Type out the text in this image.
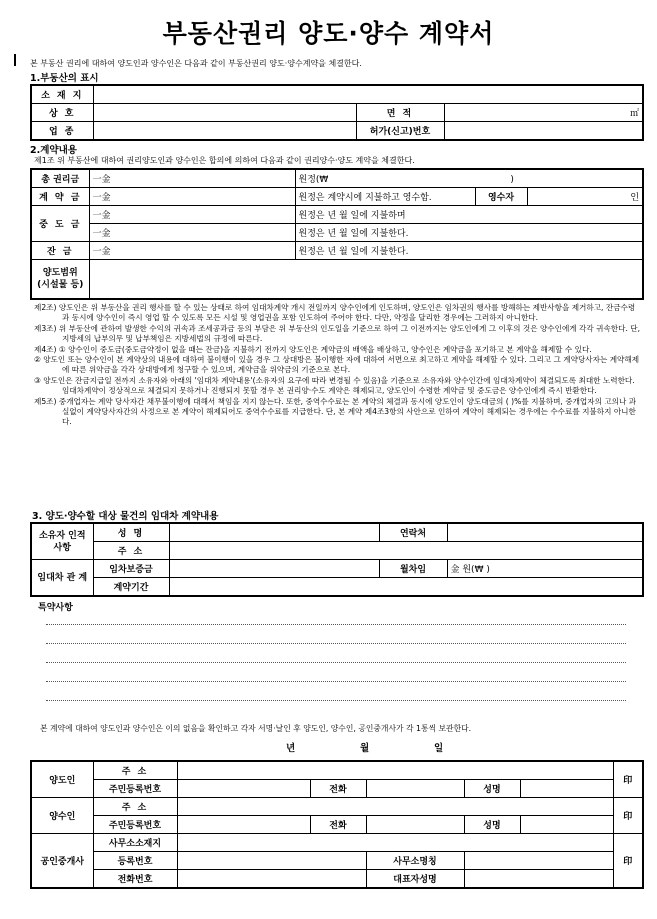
부동산권리 양도·양수 계약서
본 부동산 권리에 대하여 양도인과 양수인은 다음과 같이 부동산권리 양도·양수계약을 체결한다.
1.부동산의 표시
소 재 지			
상 호		면 적	㎡
업 종		허가(신고)번호	
2.계약내용
제1조 위 부동산에 대하여 권리양도인과 양수인은 합의에 의하여 다음과 같이 권리양수·양도 계약을 체결한다.
총 권리금	一金	원정(₩ )		
계 약 금	一金	원정은 계약시에 지불하고 영수함.	영수자	인
중 도 금	一金	원정은 년 월 일에 지불하며		
	一金	원정은 년 월 일에 지불한다.		
잔 금	一金	원정은 년 월 일에 지불한다.		
양도범위 (시설물 등)				

제2조) 양도인은 위 부동산을 권리 행사를 할 수 있는 상태로 하여 임대차계약 개시 전일까지 양수인에게 인도하며, 양도인은 임차권의 행사를 방해하는 제반사항을 제거하고, 잔금수령과 동시에 양수인이 즉시 영업 할 수 있도록 모든 시설 및 영업권을 포함 인도하여 주어야 한다. 다만, 약정을 달리한 경우에는 그러하지 아니한다.

제3조) 위 부동산에 관하여 발생한 수익의 귀속과 조세공과금 등의 부담은 위 부동산의 인도일을 기준으로 하여 그 이전까지는 양도인에게 그 이후의 것은 양수인에게 각각 귀속한다. 단, 지방세의 납부의무 및 납부책임은 지방세법의 규정에 따른다.

제4조) ① 양수인이 중도금(중도금약정이 없을 때는 잔금)을 지불하기 전까지 양도인은 계약금의 배액을 배상하고, 양수인은 계약금을 포기하고 본 계약을 해제할 수 있다.

② 양도인 또는 양수인이 본 계약상의 내용에 대하여 불이행이 있을 경우 그 상대방은 불이행한 자에 대하여 서면으로 최고하고 계약을 해제할 수 있다. 그리고 그 계약당사자는 계약해제에 따른 위약금을 각각 상대방에게 청구할 수 있으며, 계약금을 위약금의 기준으로 본다.

③ 양도인은 잔금지급일 전까지 소유자와 아래의 '임대차 계약내용'(소유자의 요구에 따라 변경될 수 있음)을 기준으로 소유자와 양수인간에 임대차계약이 체결되도록 최대한 노력한다. 임대차계약이 정상적으로 체결되지 못하거나 진행되지 못할 경우 본 권리양·수도 계약은 해제되고, 양도인이 수령한 계약금 및 중도금은 양수인에게 즉시 반환한다.

제5조) 중개업자는 계약 당사자간 채무불이행에 대해서 책임을 지지 않는다. 또한, 중역수수료는 본 계약의 체결과 동시에 양도인이 양도대금의 ( )%를 지불하며, 중개업자의 고의나 과실없이 계약당사자간의 사정으로 본 계약이 해제되어도 중역수수료를 지급한다. 단, 본 계약 제4조3항의 사안으로 인하여 계약이 해제되는 경우에는 수수료를 지불하지 아니한다.

3. 양도·양수할 대상 물건의 임대차 계약내용
소유자 인적사항	성 명		연락처	
	주 소			
임대차 관 계	임차보증금		월차임	金 원(₩ )
	계약기간			
특약사항
본 계약에 대하여 양도인과 양수인은 이의 없음을 확인하고 각자 서명·날인 후 양도인, 양수인, 공인중개사가 각 1통씩 보관한다.
년	월	일
양도인	주 소						印
	주민등록번호		전화		성명		
양수인	주 소						印
	주민등록번호		전화		성명		
공인중개사	사무소소재지						印
	등록번호			사무소명칭			
	전화번호			대표자성명			
